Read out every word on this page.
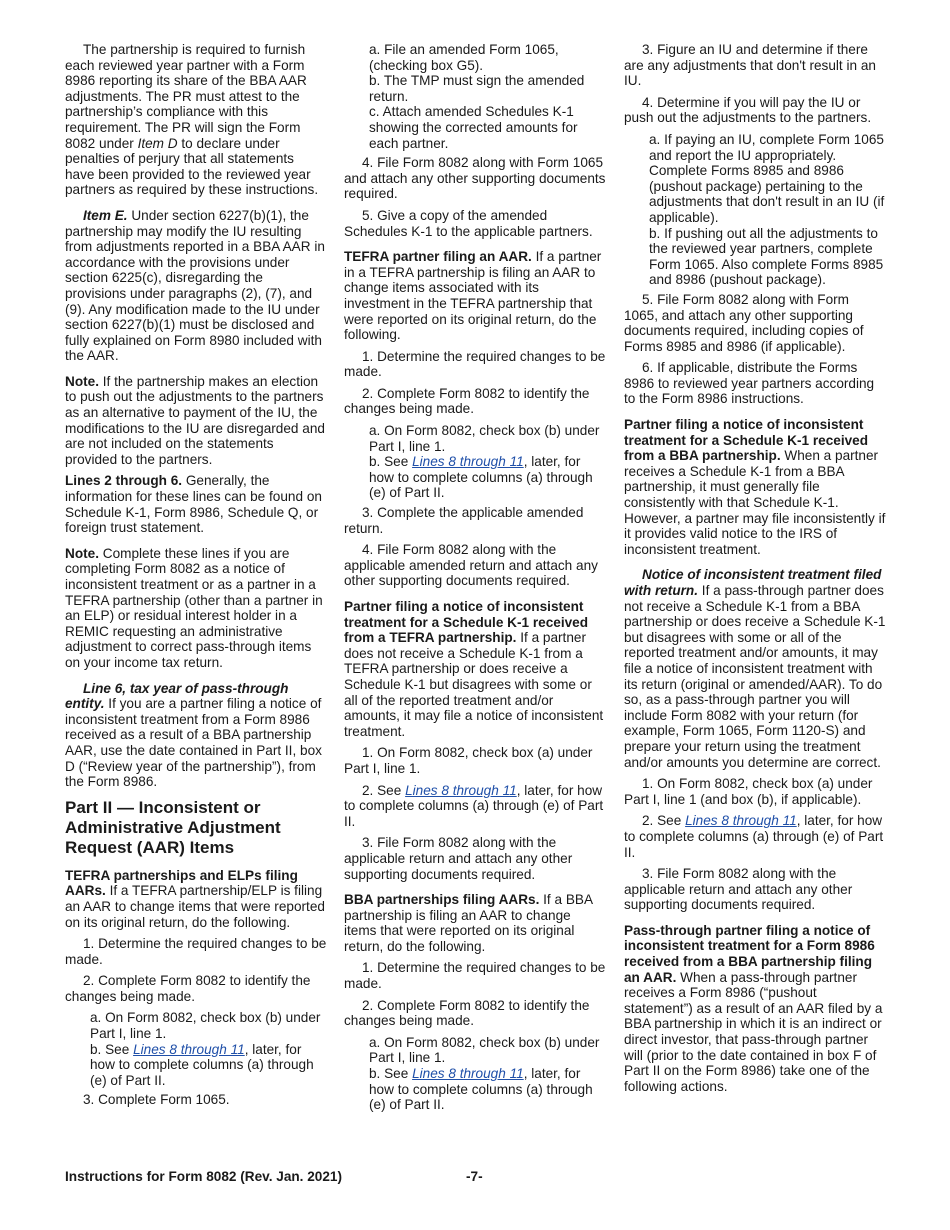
The partnership is required to furnish each reviewed year partner with a Form 8986 reporting its share of the BBA AAR adjustments. The PR must attest to the partnership’s compliance with this requirement. The PR will sign the Form 8082 under Item D to declare under penalties of perjury that all statements have been provided to the reviewed year partners as required by these instructions.

Item E. Under section 6227(b)(1), the partnership may modify the IU resulting from adjustments reported in a BBA AAR in accordance with the provisions under section 6225(c), disregarding the provisions under paragraphs (2), (7), and (9). Any modification made to the IU under section 6227(b)(1) must be disclosed and fully explained on Form 8980 included with the AAR.

Note. If the partnership makes an election to push out the adjustments to the partners as an alternative to payment of the IU, the modifications to the IU are disregarded and are not included on the statements provided to the partners.

Lines 2 through 6. Generally, the information for these lines can be found on Schedule K-1, Form 8986, Schedule Q, or foreign trust statement.

Note. Complete these lines if you are completing Form 8082 as a notice of inconsistent treatment or as a partner in a TEFRA partnership (other than a partner in an ELP) or residual interest holder in a REMIC requesting an administrative adjustment to correct pass-through items on your income tax return.

Line 6, tax year of pass-through entity. If you are a partner filing a notice of inconsistent treatment from a Form 8986 received as a result of a BBA partnership AAR, use the date contained in Part II, box D (“Review year of the partnership”), from the Form 8986.

Part II — Inconsistent or Administrative Adjustment Request (AAR) Items

TEFRA partnerships and ELPs filing AARs. If a TEFRA partnership/ELP is filing an AAR to change items that were reported on its original return, do the following.

1. Determine the required changes to be made.

2. Complete Form 8082 to identify the changes being made.

a. On Form 8082, check box (b) under Part I, line 1.

b. See Lines 8 through 11, later, for how to complete columns (a) through (e) of Part II.

3. Complete Form 1065.

a. File an amended Form 1065, (checking box G5).

b. The TMP must sign the amended return.

c. Attach amended Schedules K-1 showing the corrected amounts for each partner.

4. File Form 8082 along with Form 1065 and attach any other supporting documents required.

5. Give a copy of the amended Schedules K-1 to the applicable partners.

TEFRA partner filing an AAR. If a partner in a TEFRA partnership is filing an AAR to change items associated with its investment in the TEFRA partnership that were reported on its original return, do the following.

1. Determine the required changes to be made.

2. Complete Form 8082 to identify the changes being made.

a. On Form 8082, check box (b) under Part I, line 1.

b. See Lines 8 through 11, later, for how to complete columns (a) through (e) of Part II.

3. Complete the applicable amended return.

4. File Form 8082 along with the applicable amended return and attach any other supporting documents required.

Partner filing a notice of inconsistent treatment for a Schedule K-1 received from a TEFRA partnership. If a partner does not receive a Schedule K-1 from a TEFRA partnership or does receive a Schedule K-1 but disagrees with some or all of the reported treatment and/or amounts, it may file a notice of inconsistent treatment.

1. On Form 8082, check box (a) under Part I, line 1.

2. See Lines 8 through 11, later, for how to complete columns (a) through (e) of Part II.

3. File Form 8082 along with the applicable return and attach any other supporting documents required.

BBA partnerships filing AARs. If a BBA partnership is filing an AAR to change items that were reported on its original return, do the following.

1. Determine the required changes to be made.

2. Complete Form 8082 to identify the changes being made.

a. On Form 8082, check box (b) under Part I, line 1.

b. See Lines 8 through 11, later, for how to complete columns (a) through (e) of Part II.

3. Figure an IU and determine if there are any adjustments that don't result in an IU.

4. Determine if you will pay the IU or push out the adjustments to the partners.

a. If paying an IU, complete Form 1065 and report the IU appropriately. Complete Forms 8985 and 8986 (pushout package) pertaining to the adjustments that don't result in an IU (if applicable).

b. If pushing out all the adjustments to the reviewed year partners, complete Form 1065. Also complete Forms 8985 and 8986 (pushout package).

5. File Form 8082 along with Form 1065, and attach any other supporting documents required, including copies of Forms 8985 and 8986 (if applicable).

6. If applicable, distribute the Forms 8986 to reviewed year partners according to the Form 8986 instructions.

Partner filing a notice of inconsistent treatment for a Schedule K-1 received from a BBA partnership. When a partner receives a Schedule K-1 from a BBA partnership, it must generally file consistently with that Schedule K-1. However, a partner may file inconsistently if it provides valid notice to the IRS of inconsistent treatment.

Notice of inconsistent treatment filed with return. If a pass-through partner does not receive a Schedule K-1 from a BBA partnership or does receive a Schedule K-1 but disagrees with some or all of the reported treatment and/or amounts, it may file a notice of inconsistent treatment with its return (original or amended/AAR). To do so, as a pass-through partner you will include Form 8082 with your return (for example, Form 1065, Form 1120-S) and prepare your return using the treatment and/or amounts you determine are correct.

1. On Form 8082, check box (a) under Part I, line 1 (and box (b), if applicable).

2. See Lines 8 through 11, later, for how to complete columns (a) through (e) of Part II.

3. File Form 8082 along with the applicable return and attach any other supporting documents required.

Pass-through partner filing a notice of inconsistent treatment for a Form 8986 received from a BBA partnership filing an AAR. When a pass-through partner receives a Form 8986 (“pushout statement”) as a result of an AAR filed by a BBA partnership in which it is an indirect or direct investor, that pass-through partner will (prior to the date contained in box F of Part II on the Form 8986) take one of the following actions.

Instructions for Form 8082 (Rev. Jan. 2021)	-7-
